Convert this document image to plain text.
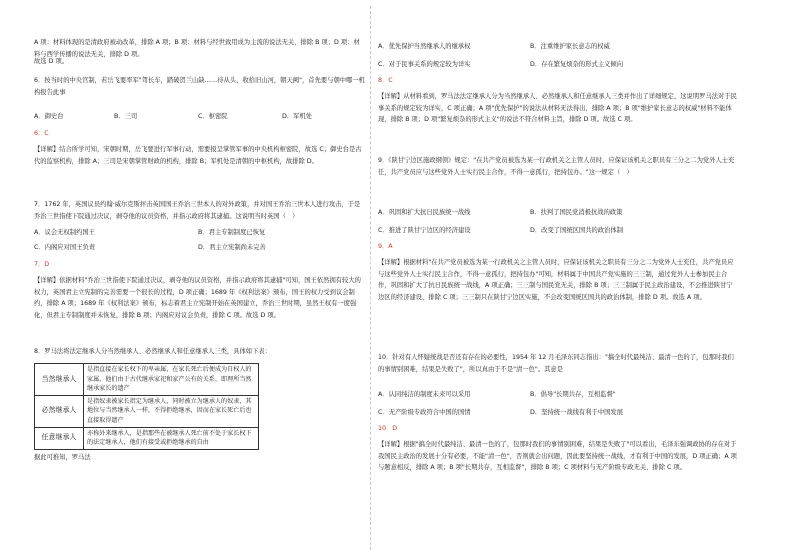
A 项：材料体现的是清政府被动改革，排除 A 项；B 项：材料与经世致用成为主流的说法无关，排除 B 项；D 项：材料与西学传播的说法无关，排除 D 项。
故选 D 项。
6．按当时的中央官制，若岳飞要率军"驾长车，踏破贺兰山缺……待从头，收拾旧山河，朝天阙"，首先要与朝中哪一机构报告此事
A．御史台	B．三司	C．枢密院	D．军机处
6．C
【详解】结合所学可知，宋朝时期，岳飞要进行军事行动，需要报呈掌管军事的中央机构枢密院，故选 C；御史台是古代的监察机构，排除 A；三司是宋朝掌管财政的机构，排除 B；军机处是清朝的中枢机构，故排除 D。
7．1762 年，英国议员约翰·威尔克斯抨击英国国王乔治三世本人的对外政策，并对国王乔治三世本人进行攻击，于是乔治三世指使下院通过决议，剥夺他的议员资格，并指示政府将其逮捕。这说明当时英国（　）
A．议会无权制约国王	B．君主专制制度已恢复
C．内阁应对国王负责	D．君主立宪制尚未完善
7．D
【详解】依据材料"乔治三世指使下院通过决议，剥夺他的议员资格，并指示政府将其逮捕"可知，国王依然拥有较大的权力，英国君主立宪制的完善需要一个很长的过程，D 项正确；1689 年《权利法案》颁布，国王的权力受到议会制约，排除 A 项；1689 年《权利法案》颁布，标志着君主立宪制开始在英国建立，乔治三世时期，虽然王权有一度强化，但君主专制制度并未恢复，排除 B 项；内阁应对议会负责，排除 C 项。故选 D 项。
8．罗马法将法定继承人分当然继承人、必然继承人和任意继承人三类，具体如下表：
当然继承人	是指直接在家长权下的卑亲属，在家长死亡后便成为自权人的家属，他们由于古代继承家祀和家产公有的关系，即理所当然继承家长的遗产
必然继承人	是指奴隶被家长指定为继承人，同时被立为继承人的奴隶，其地位与当然继承人一样，不得拒绝继承，因而在家长死亡后也直接取得遗产
任意继承人	亦称外来继承人，是指那些在被继承人死亡前不处于家长权下的法定继承人，他们有接受或拒绝继承的自由
据此可推知，罗马法
A．优先保护当然继承人的继承权	B．注重维护家长意志的权威
C．对于民事关系的规定较为详实	D．存在繁复烦杂的形式主义倾向
8．C
【详解】从材料看到，罗马法法定继承人分为当然继承人、必然继承人和任意继承人三类并作出了详细规定，这说明罗马法对于民事关系的规定较为详实，C 项正确；A 项"优先保护"的说法从材料无法得出，排除 A 项；B 项"维护家长意志的权威"材料不能体现，排除 B 项；D 项"繁复烦杂的形式主义"的说法不符合材料主旨，排除 D 项。故选 C 项。
9．《陕甘宁边区施政纲领》规定："在共产党员被选为某一行政机关之主管人员时，应保证该机关之职员有三分之二为党外人士充任，共产党员应与这些党外人士实行民主合作，不得一意孤行，把持包办。"这一规定（　）
A．巩固和扩大抗日民族统一战线	B．扶判了国民党消极抗战的政策
C．推进了陕甘宁边区的经济建设	D．改变了国统区国共的政治体制
9．A
【详解】根据材料"在共产党员被选为某一行政机关之主管人员时，应保证该机关之职员有三分之二为党外人士充任，共产党员应与这些党外人士实行民主合作，不得一意孤行，把持包办"可知，材料属于中国共产党实施的三三制，通过党外人士参加民主合作，巩固和扩大了抗日民族统一战线，A 项正确；三三制与国民党无关，排除 B 项；三三制属于民主政治建设，不会推进陕甘宁边区的经济建设，排除 C 项；三三制只在陕甘宁边区实施，不会改变国统区国共的政治体制，排除 D 项。故选 A 项。
10．针对有人怀疑统战是否还有存在的必要性，1954 年 12 月毛泽东同志指出："搞全时代最纯洁、最清一色的了，包那时我们的事情别困难，结果是失败了"，所以真由于不是"清一色"。其意是
A．认同纯洁的制度未来可以采用	B．倡导"长期共存，互相监督"
C．无产阶级专政符合中国的国情	D．坚持统一战线有利于中国发展
10．D
【详解】根据"搞全时代最纯洁、最清一色的了，包那时我们的事情别困难，结果是失败了"可以看出，毛泽东强调政协的存在对于我国民主政治的发展十分有必要，不能"清一色"，否则就会出问题，因此要坚持统一战线，才有利于中国的发展，D 项正确；A 项与题意相反，排除 A 项；B 项"长期共存，互相监督"，排除 B 项；C 项材料与无产阶级专政无关，排除 C 项。
